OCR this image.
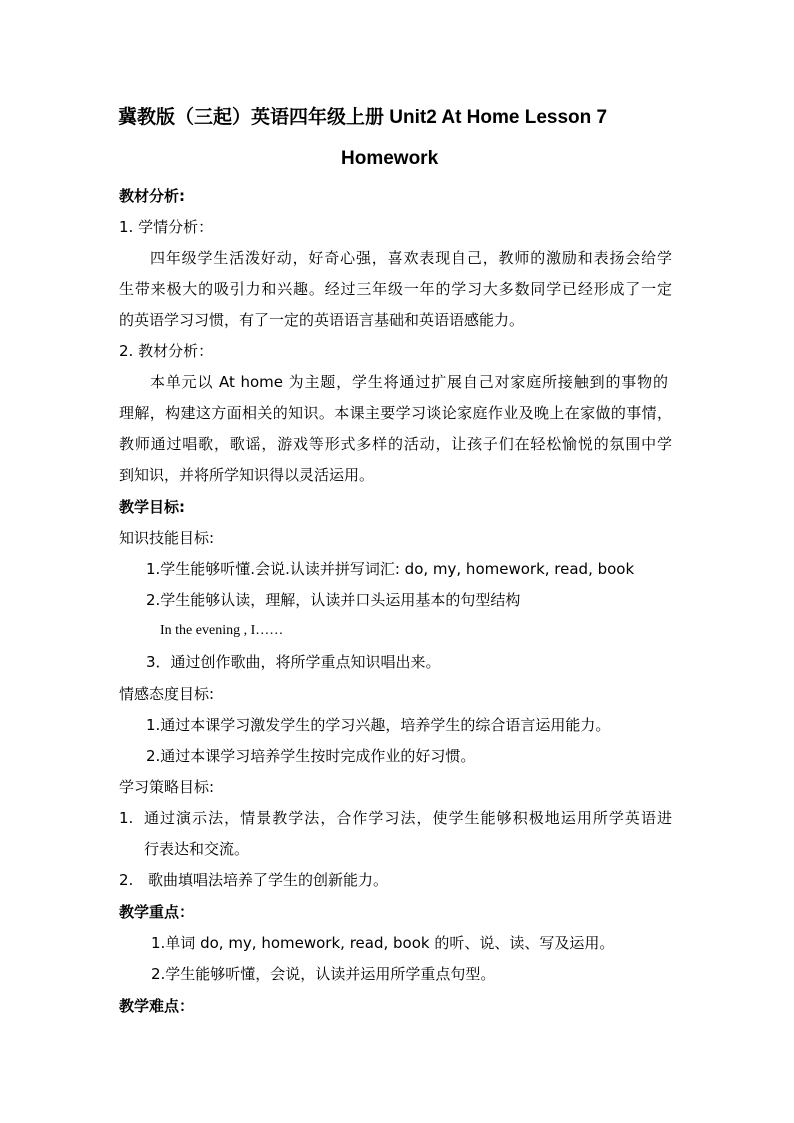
冀教版（三起）英语四年级上册 Unit2 At Home Lesson 7
Homework
教材分析:
1. 学情分析：
四年级学生活泼好动，好奇心强，喜欢表现自己，教师的激励和表扬会给学
生带来极大的吸引力和兴趣。经过三年级一年的学习大多数同学已经形成了一定
的英语学习习惯，有了一定的英语语言基础和英语语感能力。
2. 教材分析：
本单元以 At home 为主题，学生将通过扩展自己对家庭所接触到的事物的
理解，构建这方面相关的知识。本课主要学习谈论家庭作业及晚上在家做的事情，
教师通过唱歌，歌谣，游戏等形式多样的活动，让孩子们在轻松愉悦的氛围中学
到知识，并将所学知识得以灵活运用。
教学目标:
知识技能目标:
1.学生能够听懂.会说.认读并拼写词汇: do, my, homework, read, book
2.学生能够认读，理解，认读并口头运用基本的句型结构
In the evening , I……
3．通过创作歌曲，将所学重点知识唱出来。
情感态度目标:
1.通过本课学习激发学生的学习兴趣，培养学生的综合语言运用能力。
2.通过本课学习培养学生按时完成作业的好习惯。
学习策略目标:
1. 通过演示法，情景教学法，合作学习法，使学生能够积极地运用所学英语进
行表达和交流。
2. 歌曲填唱法培养了学生的创新能力。
教学重点：
1.单词 do, my, homework, read, book 的听、说、读、写及运用。
2.学生能够听懂，会说，认读并运用所学重点句型。
教学难点：
